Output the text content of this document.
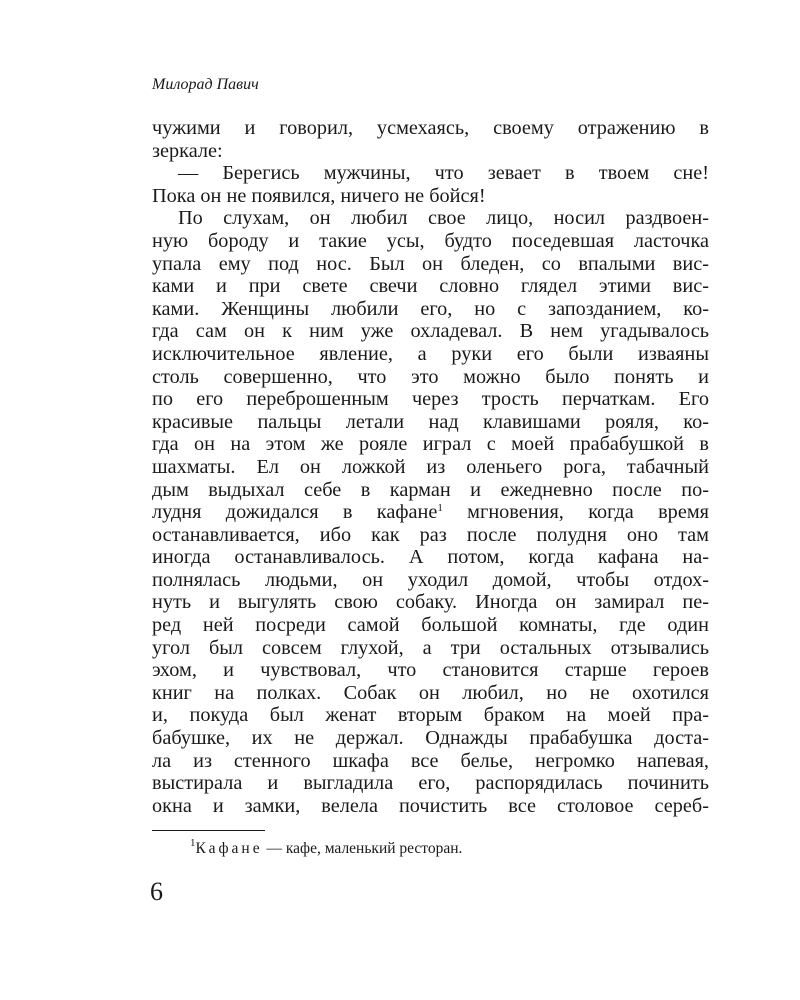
Милорад Павич
чужими и говорил, усмехаясь, своему отражению в
зеркале:
— Берегись мужчины, что зевает в твоем сне!
Пока он не появился, ничего не бойся!
По слухам, он любил свое лицо, носил раздвоен-
ную бороду и такие усы, будто поседевшая ласточка
упала ему под нос. Был он бледен, со впалыми вис-
ками и при свете свечи словно глядел этими вис-
ками. Женщины любили его, но с запозданием, ко-
гда сам он к ним уже охладевал. В нем угадывалось
исключительное явление, а руки его были изваяны
столь совершенно, что это можно было понять и
по его переброшенным через трость перчаткам. Его
красивые пальцы летали над клавишами рояля, ко-
гда он на этом же рояле играл с моей прабабушкой в
шахматы. Ел он ложкой из оленьего рога, табачный
дым выдыхал себе в карман и ежедневно после по-
лудня дожидался в кафане$^1$ мгновения, когда время
останавливается, ибо как раз после полудня оно там
иногда останавливалось. А потом, когда кафана на-
полнялась людьми, он уходил домой, чтобы отдох-
нуть и выгулять свою собаку. Иногда он замирал пе-
ред ней посреди самой большой комнаты, где один
угол был совсем глухой, а три остальных отзывались
эхом, и чувствовал, что становится старше героев
книг на полках. Собак он любил, но не охотился
и, покуда был женат вторым браком на моей пра-
бабушке, их не держал. Однажды прабабушка доста-
ла из стенного шкафа все белье, негромко напевая,
выстирала и выгладила его, распорядилась починить
окна и замки, велела почистить все столовое сереб-
$^1$Кафане — кафе, маленький ресторан.
6
